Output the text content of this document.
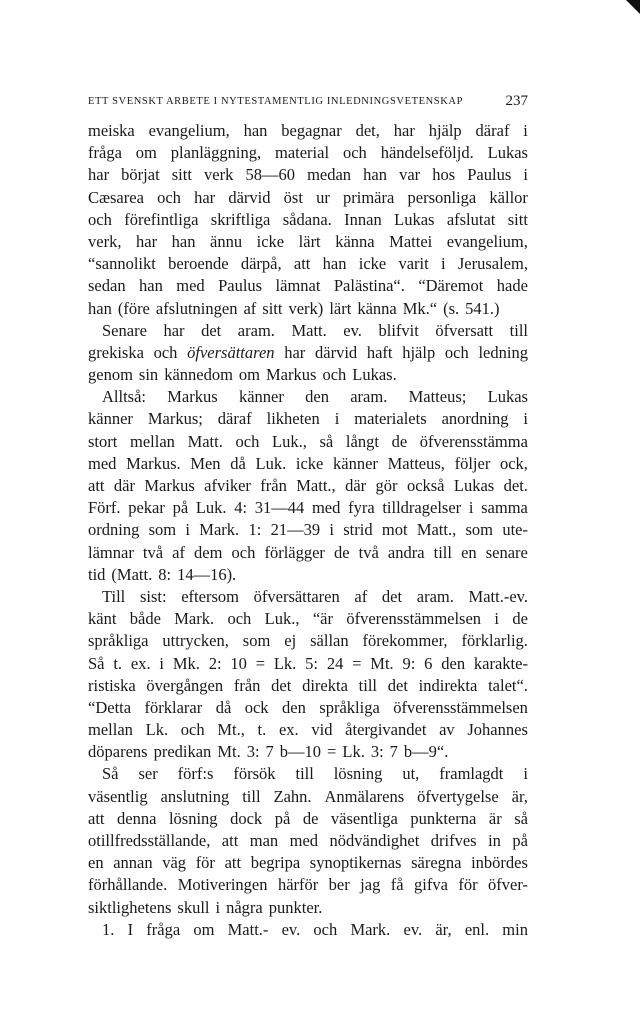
ETT SVENSKT ARBETE I NYTESTAMENTLIG INLEDNINGSVETENSKAP	237
meiska evangelium, han begagnar det, har hjälp däraf i
fråga om planläggning, material och händelseföljd. Lukas
har börjat sitt verk 58—60 medan han var hos Paulus i
Cæsarea och har därvid öst ur primära personliga källor
och förefintliga skriftliga sådana. Innan Lukas afslutat sitt
verk, har han ännu icke lärt känna Mattei evangelium,
“sannolikt beroende därpå, att han icke varit i Jerusalem,
sedan han med Paulus lämnat Palästina“. “Däremot hade
han (före afslutningen af sitt verk) lärt känna Mk.“ (s. 541.)
Senare har det aram. Matt. ev. blifvit öfversatt till
grekiska och öfversättaren har därvid haft hjälp och ledning
genom sin kännedom om Markus och Lukas.
Alltså: Markus känner den aram. Matteus; Lukas
känner Markus; däraf likheten i materialets anordning i
stort mellan Matt. och Luk., så långt de öfverensstämma
med Markus. Men då Luk. icke känner Matteus, följer ock,
att där Markus afviker från Matt., där gör också Lukas det.
Förf. pekar på Luk. 4: 31—44 med fyra tilldragelser i samma
ordning som i Mark. 1: 21—39 i strid mot Matt., som ute-
lämnar två af dem och förlägger de två andra till en senare
tid (Matt. 8: 14—16).
Till sist: eftersom öfversättaren af det aram. Matt.-ev.
känt både Mark. och Luk., “är öfverensstämmelsen i de
språkliga uttrycken, som ej sällan förekommer, förklarlig.
Så t. ex. i Mk. 2: 10 = Lk. 5: 24 = Mt. 9: 6 den karakte-
ristiska övergången från det direkta till det indirekta talet“.
“Detta förklarar då ock den språkliga öfverensstämmelsen
mellan Lk. och Mt., t. ex. vid återgivandet av Johannes
döparens predikan Mt. 3: 7 b—10 = Lk. 3: 7 b—9“.
Så ser förf:s försök till lösning ut, framlagdt i
väsentlig anslutning till Zahn. Anmälarens öfvertygelse är,
att denna lösning dock på de väsentliga punkterna är så
otillfredsställande, att man med nödvändighet drifves in på
en annan väg för att begripa synoptikernas säregna inbördes
förhållande. Motiveringen härför ber jag få gifva för öfver-
siktlighetens skull i några punkter.
1. I fråga om Matt.- ev. och Mark. ev. är, enl. min
